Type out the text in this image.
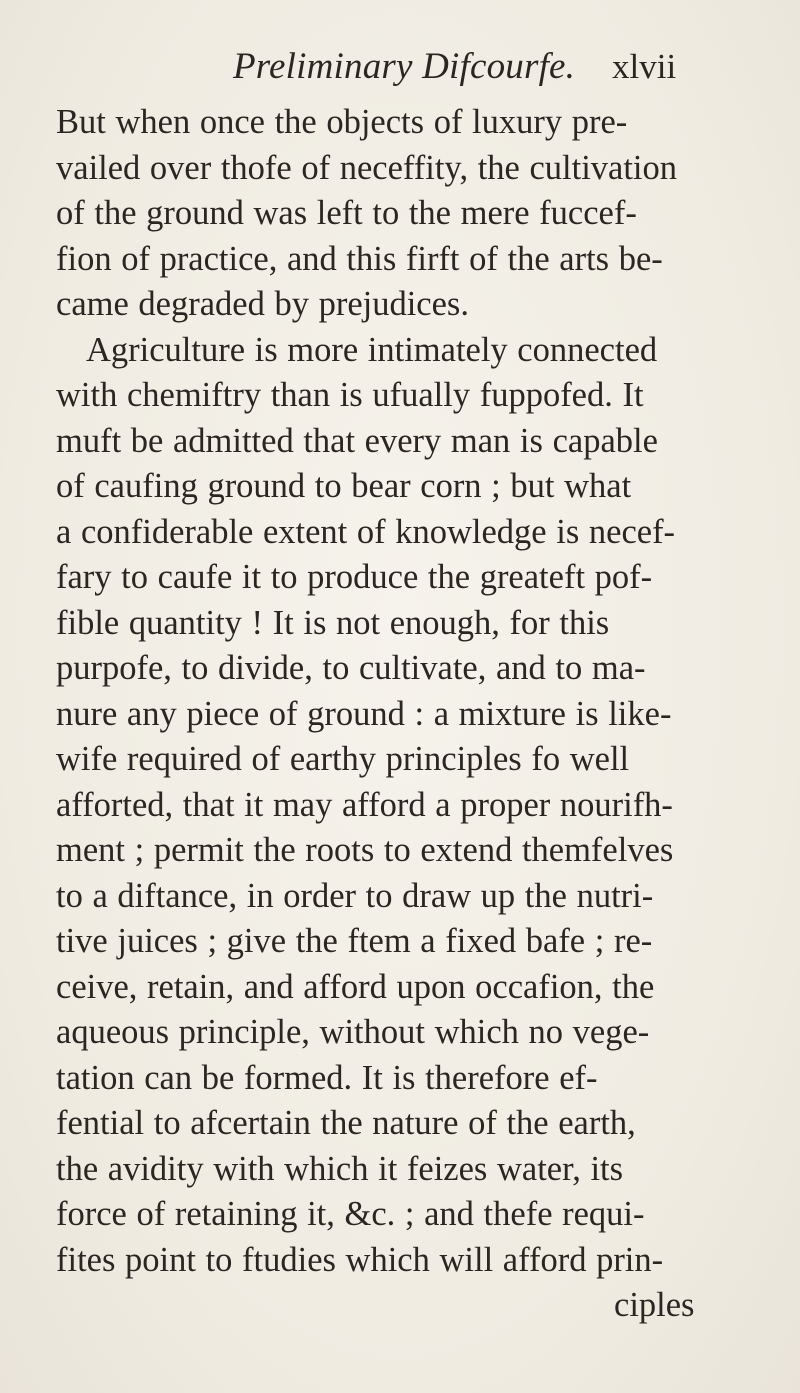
Preliminary Difcourfe. xlvii
But when once the objects of luxury pre-
vailed over thofe of neceffity, the cultivation
of the ground was left to the mere fuccef-
fion of practice, and this firft of the arts be-
came degraded by prejudices.
Agriculture is more intimately connected
with chemiftry than is ufually fuppofed. It
muft be admitted that every man is capable
of caufing ground to bear corn ; but what
a confiderable extent of knowledge is necef-
fary to caufe it to produce the greateft pof-
fible quantity ! It is not enough, for this
purpofe, to divide, to cultivate, and to ma-
nure any piece of ground : a mixture is like-
wife required of earthy principles fo well
afforted, that it may afford a proper nourifh-
ment ; permit the roots to extend themfelves
to a diftance, in order to draw up the nutri-
tive juices ; give the ftem a fixed bafe ; re-
ceive, retain, and afford upon occafion, the
aqueous principle, without which no vege-
tation can be formed. It is therefore ef-
fential to afcertain the nature of the earth,
the avidity with which it feizes water, its
force of retaining it, &c. ; and thefe requi-
fites point to ftudies which will afford prin-
ciples
